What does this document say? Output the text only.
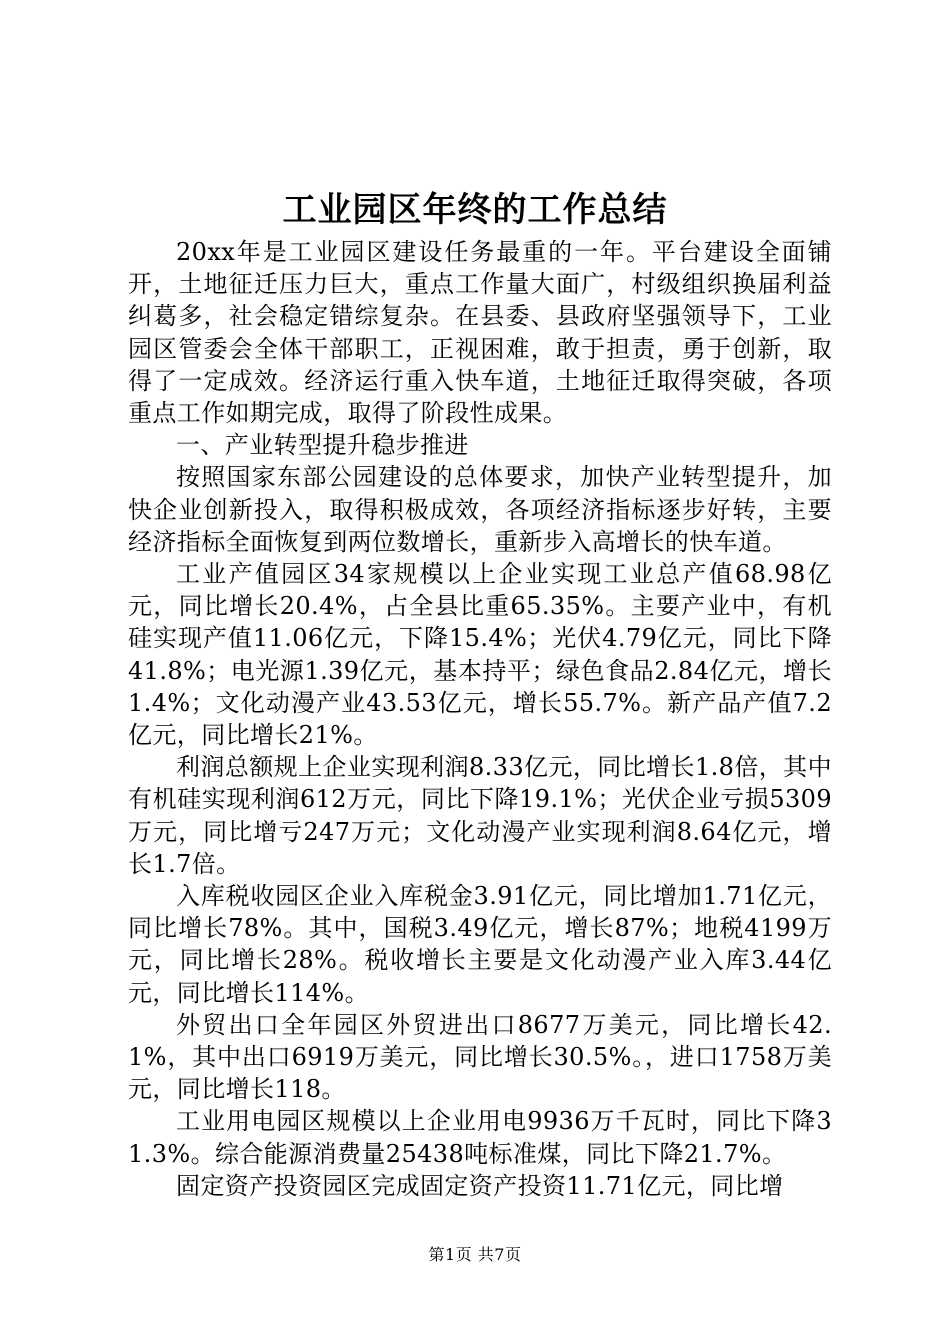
工业园区年终的工作总结

20xx年是工业园区建设任务最重的一年。平台建设全面铺开，土地征迁压力巨大，重点工作量大面广，村级组织换届利益纠葛多，社会稳定错综复杂。在县委、县政府坚强领导下，工业园区管委会全体干部职工，正视困难，敢于担责，勇于创新，取得了一定成效。经济运行重入快车道，土地征迁取得突破，各项重点工作如期完成，取得了阶段性成果。

一、产业转型提升稳步推进

按照国家东部公园建设的总体要求，加快产业转型提升，加快企业创新投入，取得积极成效，各项经济指标逐步好转，主要经济指标全面恢复到两位数增长，重新步入高增长的快车道。

工业产值园区34家规模以上企业实现工业总产值68.98亿元，同比增长20.4%，占全县比重65.35%。主要产业中，有机硅实现产值11.06亿元，下降15.4%；光伏4.79亿元，同比下降41.8%；电光源1.39亿元，基本持平；绿色食品2.84亿元，增长1.4%；文化动漫产业43.53亿元，增长55.7%。新产品产值7.2亿元，同比增长21%。

利润总额规上企业实现利润8.33亿元，同比增长1.8倍，其中有机硅实现利润612万元，同比下降19.1%；光伏企业亏损5309万元，同比增亏247万元；文化动漫产业实现利润8.64亿元，增长1.7倍。

入库税收园区企业入库税金3.91亿元，同比增加1.71亿元，同比增长78%。其中，国税3.49亿元，增长87%；地税4199万元，同比增长28%。税收增长主要是文化动漫产业入库3.44亿元，同比增长114%。

外贸出口全年园区外贸进出口8677万美元，同比增长42.1%，其中出口6919万美元，同比增长30.5%。，进口1758万美元，同比增长118。

工业用电园区规模以上企业用电9936万千瓦时，同比下降31.3%。综合能源消费量25438吨标准煤，同比下降21.7%。

固定资产投资园区完成固定资产投资11.71亿元，同比增

第1页 共7页
